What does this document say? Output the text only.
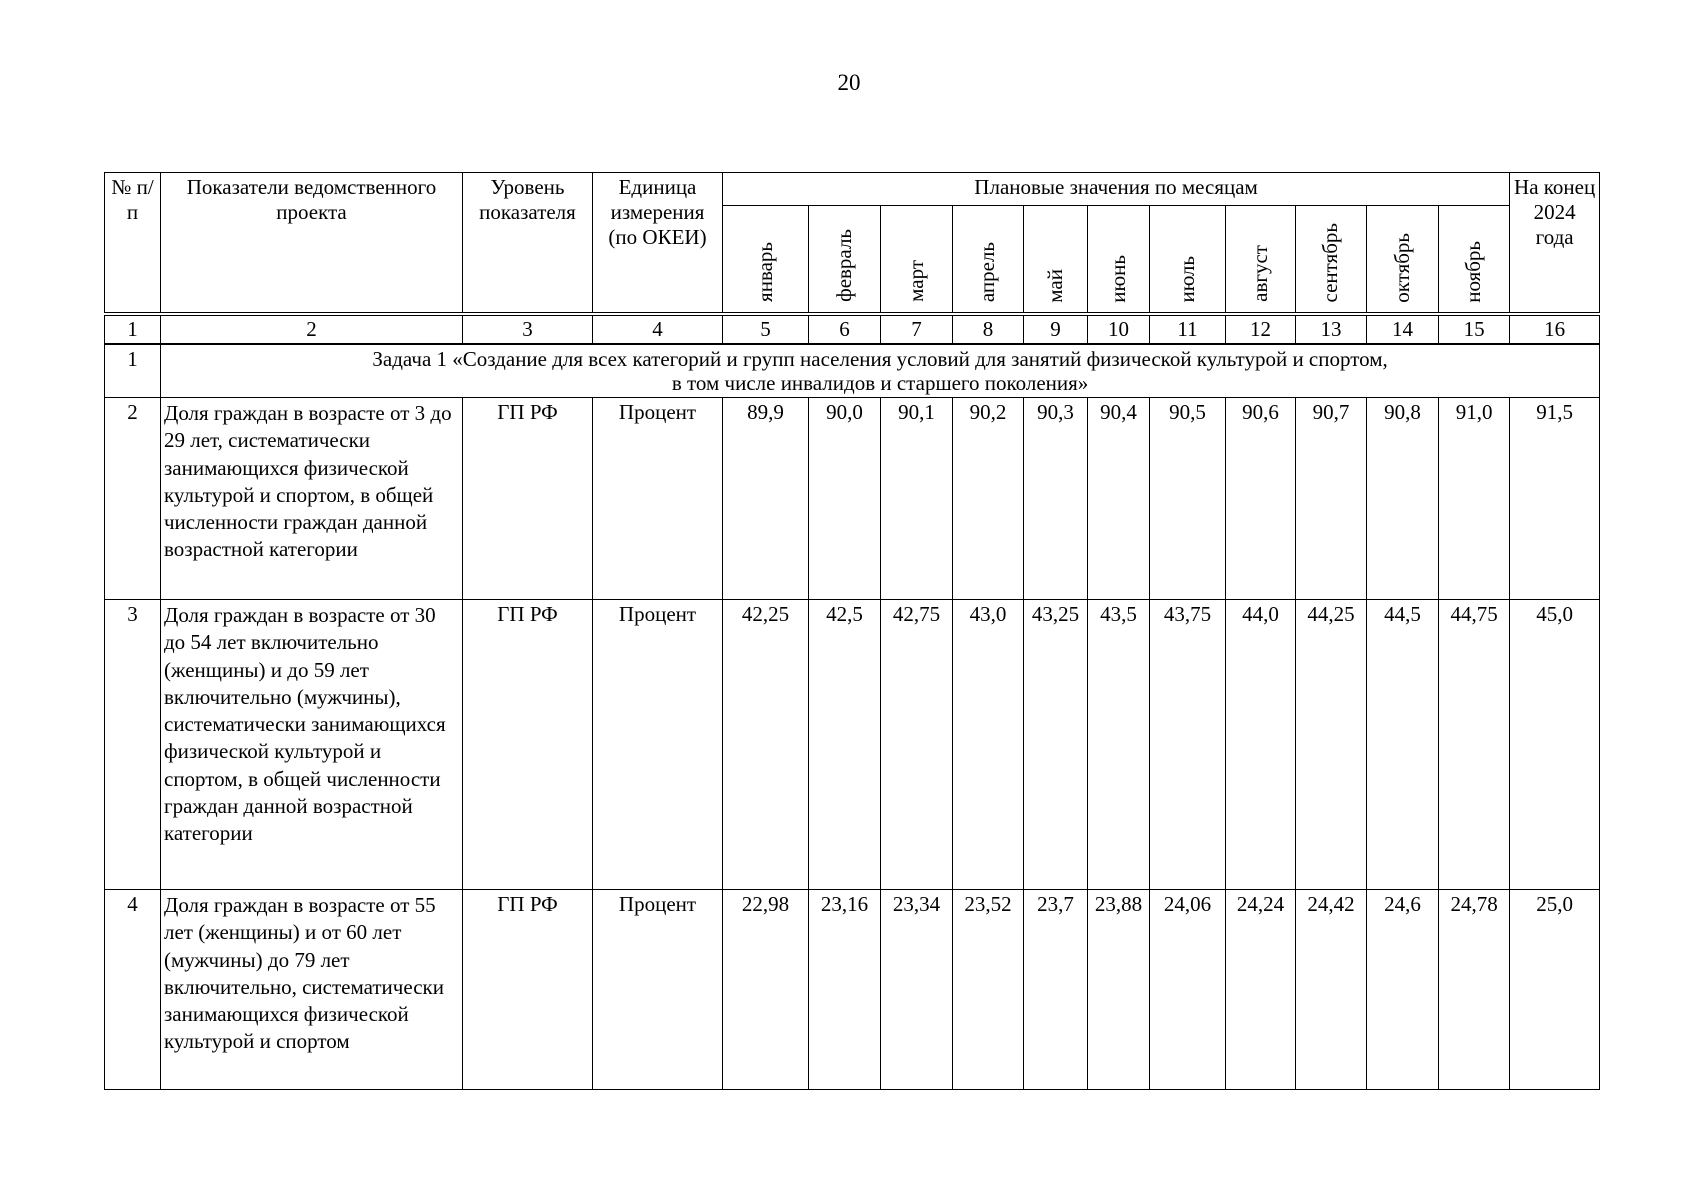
20
№ п/п	Показатели ведомственного проекта	Уровень показателя	Единица измерения (по ОКЕИ)	Плановые значения по месяцам											На конец 2024 года
				январь	февраль	март	апрель	май	июнь	июль	август	сентябрь	октябрь	ноябрь	
1	2	3	4	5	6	7	8	9	10	11	12	13	14	15	16
1	Задача 1 «Создание для всех категорий и групп населения условий для занятий физической культурой и спортом,
в том числе инвалидов и старшего поколения»														

2	Доля граждан в возрасте от 3 до 29 лет, систематически занимающихся физической культурой и спортом, в общей численности граждан данной возрастной категории	ГП РФ	Процент	89,9	90,0	90,1	90,2	90,3	90,4	90,5	90,6	90,7	90,8	91,0	91,5
3	Доля граждан в возрасте от 30 до 54 лет включительно (женщины) и до 59 лет включительно (мужчины), систематически занимающихся физической культурой и спортом, в общей численности граждан данной возрастной категории	ГП РФ	Процент	42,25	42,5	42,75	43,0	43,25	43,5	43,75	44,0	44,25	44,5	44,75	45,0
4	Доля граждан в возрасте от 55 лет (женщины) и от 60 лет (мужчины) до 79 лет включительно, систематически занимающихся физической культурой и спортом	ГП РФ	Процент	22,98	23,16	23,34	23,52	23,7	23,88	24,06	24,24	24,42	24,6	24,78	25,0
